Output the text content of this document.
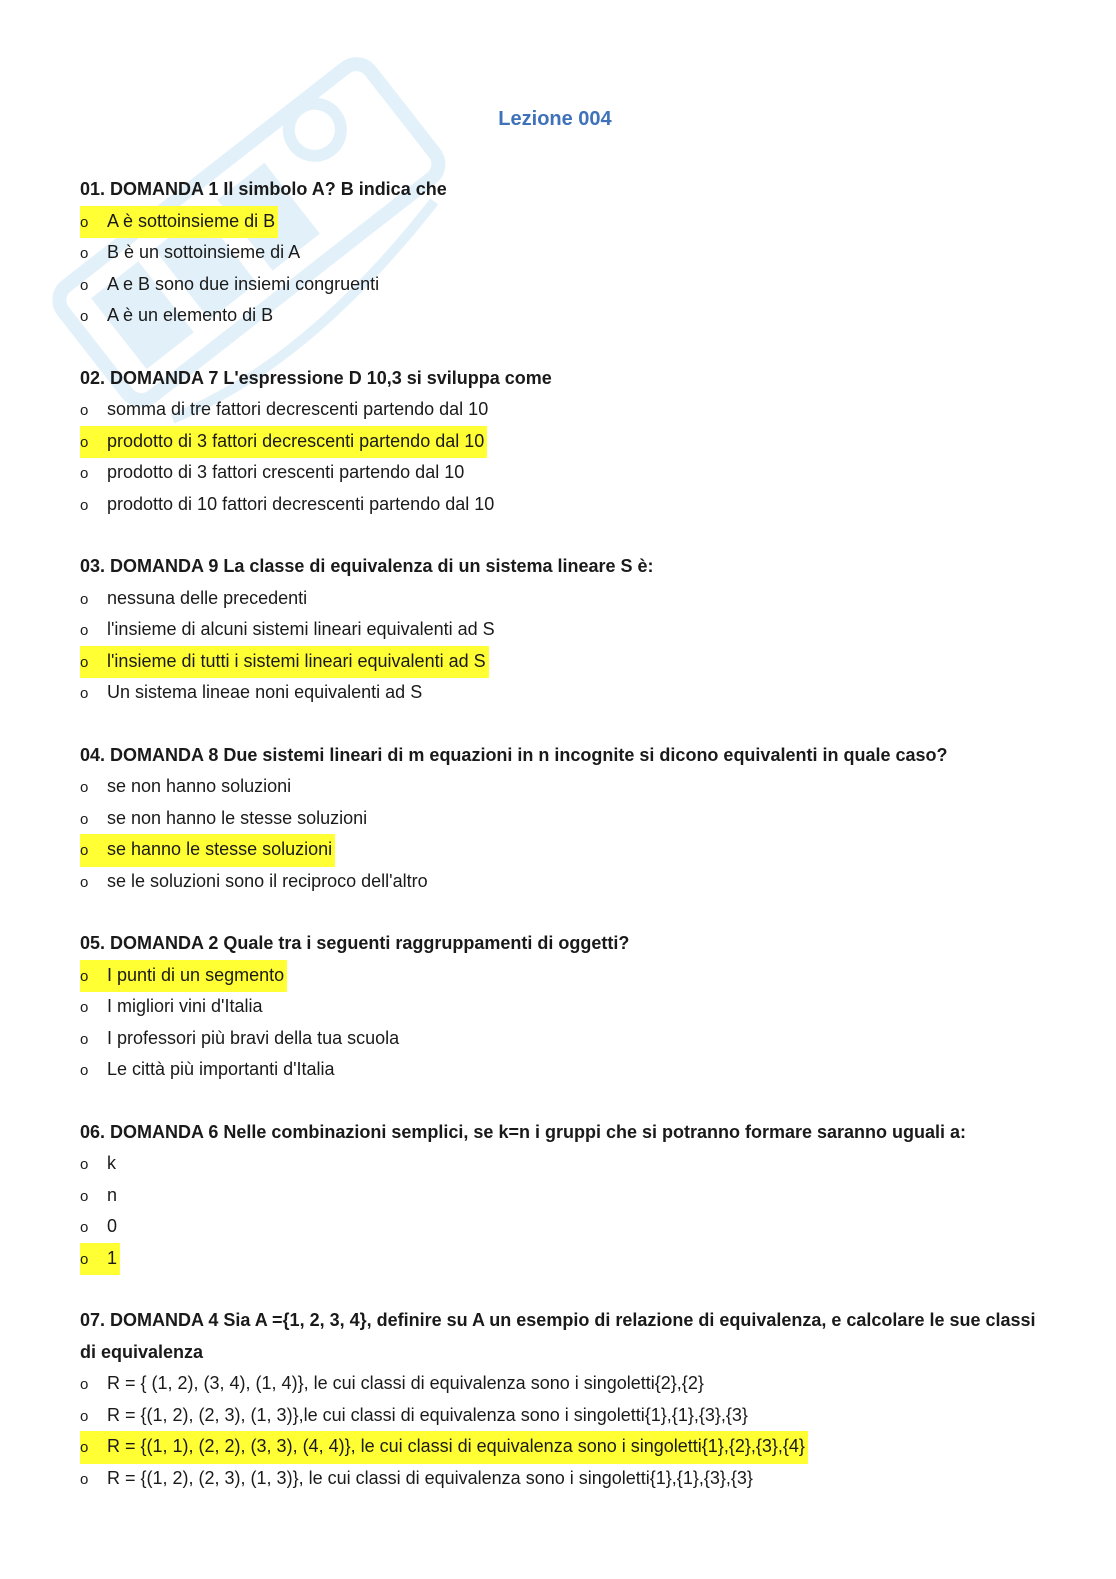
Lezione 004

01. DOMANDA 1 Il simbolo A? B indica che

o A è sottoinsieme di B
o B è un sottoinsieme di A
o A e B sono due insiemi congruenti
o A è un elemento di B

02. DOMANDA 7 L'espressione D 10,3 si sviluppa come

o somma di tre fattori decrescenti partendo dal 10
o prodotto di 3 fattori decrescenti partendo dal 10
o prodotto di 3 fattori crescenti partendo dal 10
o prodotto di 10 fattori decrescenti partendo dal 10

03. DOMANDA 9 La classe di equivalenza di un sistema lineare S è:

o nessuna delle precedenti
o l'insieme di alcuni sistemi lineari equivalenti ad S
o l'insieme di tutti i sistemi lineari equivalenti ad S
o Un sistema lineae noni equivalenti ad S

04. DOMANDA 8 Due sistemi lineari di m equazioni in n incognite si dicono equivalenti in quale caso?

o se non hanno soluzioni
o se non hanno le stesse soluzioni
o se hanno le stesse soluzioni
o se le soluzioni sono il reciproco dell'altro

05. DOMANDA 2 Quale tra i seguenti raggruppamenti di oggetti?

o I punti di un segmento
o I migliori vini d'Italia
o I professori più bravi della tua scuola
o Le città più importanti d'Italia

06. DOMANDA 6 Nelle combinazioni semplici, se k=n i gruppi che si potranno formare saranno uguali a:

o k
o n
o 0
o 1

07. DOMANDA 4 Sia A ={1, 2, 3, 4}, definire su A un esempio di relazione di equivalenza, e calcolare le sue classi di equivalenza

o R = { (1, 2), (3, 4), (1, 4)}, le cui classi di equivalenza sono i singoletti{2},{2}
o R = {(1, 2), (2, 3), (1, 3)},le cui classi di equivalenza sono i singoletti{1},{1},{3},{3}
o R = {(1, 1), (2, 2), (3, 3), (4, 4)}, le cui classi di equivalenza sono i singoletti{1},{2},{3},{4}
o R = {(1, 2), (2, 3), (1, 3)}, le cui classi di equivalenza sono i singoletti{1},{1},{3},{3}
